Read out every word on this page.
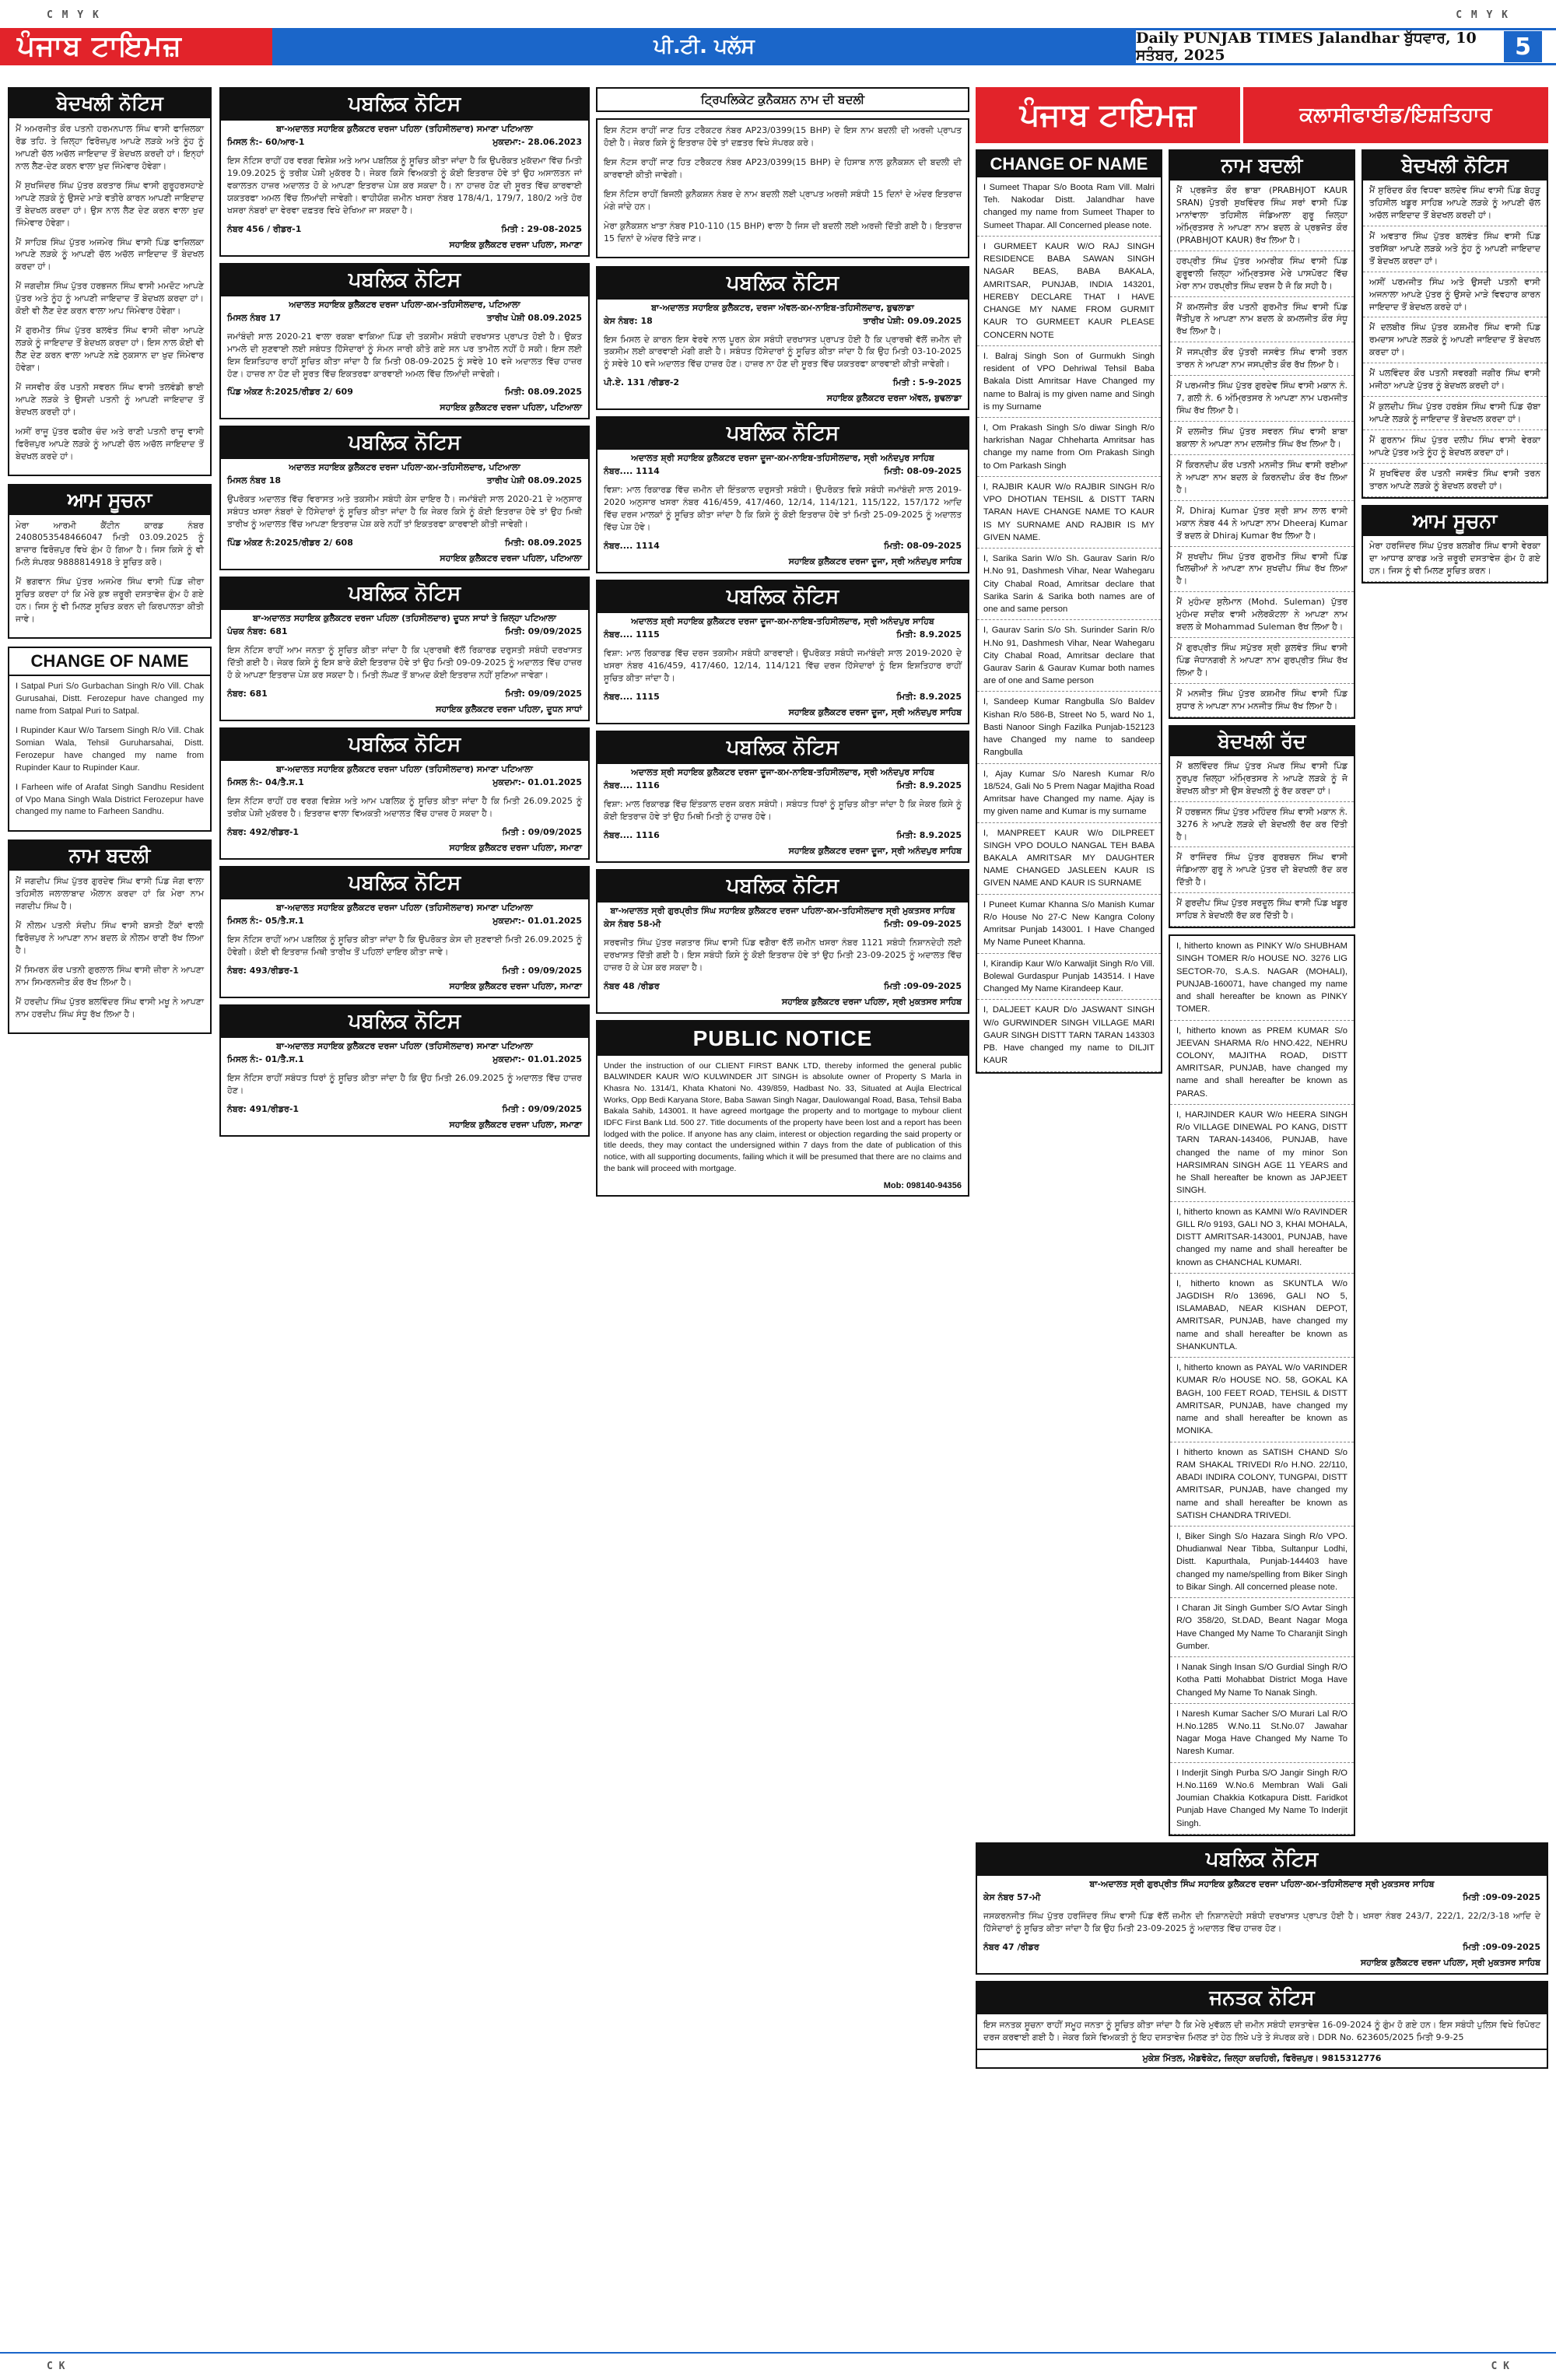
C M Y K	C M Y K
ਪੰਜਾਬ ਟਾਇਮਜ਼	ਪੀ.ਟੀ. ਪਲੱਸ	Daily PUNJAB TIMES Jalandhar ਬੁੱਧਵਾਰ, 10 ਸਤੰਬਰ, 2025	5
ਬੇਦਖਲੀ ਨੋਟਿਸ

ਮੈਂ ਅਮਰਜੀਤ ਕੌਰ ਪਤਨੀ ਹਰਮਨਪਾਲ ਸਿੰਘ ਵਾਸੀ ਫਾਜ਼ਿਲਕਾ ਰੋਡ ਤਹਿ. ਤੇ ਜ਼ਿਲ੍ਹਾ ਫਿਰੋਜ਼ਪੁਰ ਆਪਣੇ ਲੜਕੇ ਅਤੇ ਨੂੰਹ ਨੂੰ ਆਪਣੀ ਚੱਲ ਅਚੱਲ ਜਾਇਦਾਦ ਤੋਂ ਬੇਦਖਲ ਕਰਦੀ ਹਾਂ। ਇਨ੍ਹਾਂ ਨਾਲ ਲੈਣ-ਦੇਣ ਕਰਨ ਵਾਲਾ ਖੁਦ ਜਿੰਮੇਵਾਰ ਹੋਵੇਗਾ।

ਮੈਂ ਸੁਖਜਿੰਦਰ ਸਿੰਘ ਪੁੱਤਰ ਕਰਤਾਰ ਸਿੰਘ ਵਾਸੀ ਗੁਰੂਹਰਸਹਾਏ ਆਪਣੇ ਲੜਕੇ ਨੂੰ ਉਸਦੇ ਮਾੜੇ ਵਤੀਰੇ ਕਾਰਨ ਆਪਣੀ ਜਾਇਦਾਦ ਤੋਂ ਬੇਦਖਲ ਕਰਦਾ ਹਾਂ। ਉਸ ਨਾਲ ਲੈਣ ਦੇਣ ਕਰਨ ਵਾਲਾ ਖੁਦ ਜਿੰਮੇਵਾਰ ਹੋਵੇਗਾ।

ਮੈਂ ਸਾਹਿਬ ਸਿੰਘ ਪੁੱਤਰ ਅਜਮੇਰ ਸਿੰਘ ਵਾਸੀ ਪਿੰਡ ਫਾਜ਼ਿਲਕਾ ਆਪਣੇ ਲੜਕੇ ਨੂੰ ਆਪਣੀ ਚੱਲ ਅਚੱਲ ਜਾਇਦਾਦ ਤੋਂ ਬੇਦਖਲ ਕਰਦਾ ਹਾਂ।

ਮੈਂ ਜਗਦੀਸ਼ ਸਿੰਘ ਪੁੱਤਰ ਹਰਭਜਨ ਸਿੰਘ ਵਾਸੀ ਮਮਦੋਟ ਆਪਣੇ ਪੁੱਤਰ ਅਤੇ ਨੂੰਹ ਨੂੰ ਆਪਣੀ ਜਾਇਦਾਦ ਤੋਂ ਬੇਦਖਲ ਕਰਦਾ ਹਾਂ। ਕੋਈ ਵੀ ਲੈਣ ਦੇਣ ਕਰਨ ਵਾਲਾ ਆਪ ਜਿੰਮੇਵਾਰ ਹੋਵੇਗਾ।

ਮੈਂ ਗੁਰਮੀਤ ਸਿੰਘ ਪੁੱਤਰ ਬਲਵੰਤ ਸਿੰਘ ਵਾਸੀ ਜ਼ੀਰਾ ਆਪਣੇ ਲੜਕੇ ਨੂੰ ਜਾਇਦਾਦ ਤੋਂ ਬੇਦਖਲ ਕਰਦਾ ਹਾਂ। ਇਸ ਨਾਲ ਕੋਈ ਵੀ ਲੈਣ ਦੇਣ ਕਰਨ ਵਾਲਾ ਆਪਣੇ ਨਫ਼ੇ ਨੁਕਸਾਨ ਦਾ ਖੁਦ ਜਿੰਮੇਵਾਰ ਹੋਵੇਗਾ।

ਮੈਂ ਜਸਵੀਰ ਕੌਰ ਪਤਨੀ ਸਵਰਨ ਸਿੰਘ ਵਾਸੀ ਤਲਵੰਡੀ ਭਾਈ ਆਪਣੇ ਲੜਕੇ ਤੇ ਉਸਦੀ ਪਤਨੀ ਨੂੰ ਆਪਣੀ ਜਾਇਦਾਦ ਤੋਂ ਬੇਦਖਲ ਕਰਦੀ ਹਾਂ।

ਅਸੀਂ ਰਾਜੂ ਪੁੱਤਰ ਫਕੀਰ ਚੰਦ ਅਤੇ ਰਾਣੀ ਪਤਨੀ ਰਾਜੂ ਵਾਸੀ ਫਿਰੋਜ਼ਪੁਰ ਆਪਣੇ ਲੜਕੇ ਨੂੰ ਆਪਣੀ ਚੱਲ ਅਚੱਲ ਜਾਇਦਾਦ ਤੋਂ ਬੇਦਖਲ ਕਰਦੇ ਹਾਂ।

ਆਮ ਸੂਚਨਾ

ਮੇਰਾ ਆਰਮੀ ਕੈਂਟੀਨ ਕਾਰਡ ਨੰਬਰ 2408053548466047 ਮਿਤੀ 03.09.2025 ਨੂੰ ਬਾਜ਼ਾਰ ਫਿਰੋਜ਼ਪੁਰ ਵਿਖੇ ਗੁੰਮ ਹੋ ਗਿਆ ਹੈ। ਜਿਸ ਕਿਸੇ ਨੂੰ ਵੀ ਮਿਲੇ ਸੰਪਰਕ 9888814918 ਤੇ ਸੂਚਿਤ ਕਰੋ।

ਮੈਂ ਭਗਵਾਨ ਸਿੰਘ ਪੁੱਤਰ ਅਜਮੇਰ ਸਿੰਘ ਵਾਸੀ ਪਿੰਡ ਜ਼ੀਰਾ ਸੂਚਿਤ ਕਰਦਾ ਹਾਂ ਕਿ ਮੇਰੇ ਕੁਝ ਜ਼ਰੂਰੀ ਦਸਤਾਵੇਜ਼ ਗੁੰਮ ਹੋ ਗਏ ਹਨ। ਜਿਸ ਨੂੰ ਵੀ ਮਿਲਣ ਸੂਚਿਤ ਕਰਨ ਦੀ ਕਿਰਪਾਲਤਾ ਕੀਤੀ ਜਾਵੇ।

CHANGE OF NAME

I Satpal Puri S/o Gurbachan Singh R/o Vill. Chak Gurusahai, Distt. Ferozepur have changed my name from Satpal Puri to Satpal.

I Rupinder Kaur W/o Tarsem Singh R/o Vill. Chak Somian Wala, Tehsil Guruharsahai, Distt. Ferozepur have changed my name from Rupinder Kaur to Rupinder Kaur.

I Farheen wife of Arafat Singh Sandhu Resident of Vpo Mana Singh Wala District Ferozepur have changed my name to Farheen Sandhu.

ਨਾਮ ਬਦਲੀ

ਮੈਂ ਜਗਦੀਪ ਸਿੰਘ ਪੁੱਤਰ ਗੁਰਦੇਵ ਸਿੰਘ ਵਾਸੀ ਪਿੰਡ ਜੋਗ ਵਾਲਾ ਤਹਿਸੀਲ ਜਲਾਲਾਬਾਦ ਐਲਾਨ ਕਰਦਾ ਹਾਂ ਕਿ ਮੇਰਾ ਨਾਮ ਜਗਦੀਪ ਸਿੰਘ ਹੈ।

ਮੈਂ ਨੀਲਮ ਪਤਨੀ ਸੰਦੀਪ ਸਿੰਘ ਵਾਸੀ ਬਸਤੀ ਟੈਂਕਾਂ ਵਾਲੀ ਫਿਰੋਜ਼ਪੁਰ ਨੇ ਆਪਣਾ ਨਾਮ ਬਦਲ ਕੇ ਨੀਲਮ ਰਾਣੀ ਰੱਖ ਲਿਆ ਹੈ।

ਮੈਂ ਸਿਮਰਨ ਕੌਰ ਪਤਨੀ ਗੁਰਲਾਲ ਸਿੰਘ ਵਾਸੀ ਜ਼ੀਰਾ ਨੇ ਆਪਣਾ ਨਾਮ ਸਿਮਰਨਜੀਤ ਕੌਰ ਰੱਖ ਲਿਆ ਹੈ।

ਮੈਂ ਹਰਦੀਪ ਸਿੰਘ ਪੁੱਤਰ ਬਲਵਿੰਦਰ ਸਿੰਘ ਵਾਸੀ ਮਖੂ ਨੇ ਆਪਣਾ ਨਾਮ ਹਰਦੀਪ ਸਿੰਘ ਸੰਧੂ ਰੱਖ ਲਿਆ ਹੈ।

ਪਬਲਿਕ ਨੋਟਿਸ
ਬਾ-ਅਦਾਲਤ ਸਹਾਇਕ ਕੁਲੈਕਟਰ ਦਰਜਾ ਪਹਿਲਾ (ਤਹਿਸੀਲਦਾਰ) ਸਮਾਣਾ ਪਟਿਆਲਾ
ਮਿਸਲ ਨੰ:- 60/ਆਰ-1	ਮੁਕਦਮਾ:- 28.06.2023
ਇਸ ਨੋਟਿਸ ਰਾਹੀਂ ਹਰ ਵਰਗ ਵਿਸ਼ੇਸ਼ ਅਤੇ ਆਮ ਪਬਲਿਕ ਨੂੰ ਸੂਚਿਤ ਕੀਤਾ ਜਾਂਦਾ ਹੈ ਕਿ ਉਪਰੋਕਤ ਮੁਕੱਦਮਾ ਵਿੱਚ ਮਿਤੀ 19.09.2025 ਨੂੰ ਤਰੀਕ ਪੇਸ਼ੀ ਮੁਕੱਰਰ ਹੈ। ਜੇਕਰ ਕਿਸੇ ਵਿਅਕਤੀ ਨੂੰ ਕੋਈ ਇਤਰਾਜ਼ ਹੋਵੇ ਤਾਂ ਉਹ ਅਸਾਲਤਨ ਜਾਂ ਵਕਾਲਤਨ ਹਾਜ਼ਰ ਅਦਾਲਤ ਹੋ ਕੇ ਆਪਣਾ ਇਤਰਾਜ਼ ਪੇਸ਼ ਕਰ ਸਕਦਾ ਹੈ। ਨਾ ਹਾਜ਼ਰ ਹੋਣ ਦੀ ਸੂਰਤ ਵਿੱਚ ਕਾਰਵਾਈ ਯਕਤਰਫਾ ਅਮਲ ਵਿੱਚ ਲਿਆਂਦੀ ਜਾਵੇਗੀ। ਵਾਹੀਯੋਗ ਜ਼ਮੀਨ ਖਸਰਾ ਨੰਬਰ 178/4/1, 179/7, 180/2 ਅਤੇ ਹੋਰ ਖਸਰਾ ਨੰਬਰਾਂ ਦਾ ਵੇਰਵਾ ਦਫ਼ਤਰ ਵਿਖੇ ਦੇਖਿਆ ਜਾ ਸਕਦਾ ਹੈ।
ਨੰਬਰ 456 / ਰੀਡਰ-1	ਮਿਤੀ : 29-08-2025
ਸਹਾਇਕ ਕੁਲੈਕਟਰ ਦਰਜਾ ਪਹਿਲਾ, ਸਮਾਣਾ
ਪਬਲਿਕ ਨੋਟਿਸ
ਅਦਾਲਤ ਸਹਾਇਕ ਕੁਲੈਕਟਰ ਦਰਜਾ ਪਹਿਲਾ-ਕਮ-ਤਹਿਸੀਲਦਾਰ, ਪਟਿਆਲਾ
ਮਿਸਲ ਨੰਬਰ 17	ਤਾਰੀਖ ਪੇਸ਼ੀ 08.09.2025
ਜਮਾਂਬੰਦੀ ਸਾਲ 2020-21 ਵਾਲਾ ਰਕਬਾ ਵਾਕਿਆ ਪਿੰਡ ਦੀ ਤਕਸੀਮ ਸਬੰਧੀ ਦਰਖਾਸਤ ਪ੍ਰਾਪਤ ਹੋਈ ਹੈ। ਉਕਤ ਮਾਮਲੇ ਦੀ ਸੁਣਵਾਈ ਲਈ ਸਬੰਧਤ ਹਿੱਸੇਦਾਰਾਂ ਨੂੰ ਸੰਮਨ ਜਾਰੀ ਕੀਤੇ ਗਏ ਸਨ ਪਰ ਤਾਮੀਲ ਨਹੀਂ ਹੋ ਸਕੀ। ਇਸ ਲਈ ਇਸ ਇਸ਼ਤਿਹਾਰ ਰਾਹੀਂ ਸੂਚਿਤ ਕੀਤਾ ਜਾਂਦਾ ਹੈ ਕਿ ਮਿਤੀ 08-09-2025 ਨੂੰ ਸਵੇਰੇ 10 ਵਜੇ ਅਦਾਲਤ ਵਿੱਚ ਹਾਜ਼ਰ ਹੋਣ। ਹਾਜ਼ਰ ਨਾ ਹੋਣ ਦੀ ਸੂਰਤ ਵਿੱਚ ਇਕਤਰਫਾ ਕਾਰਵਾਈ ਅਮਲ ਵਿੱਚ ਲਿਆਂਦੀ ਜਾਵੇਗੀ।
ਪਿੰਡ ਅੰਕਣ ਨੰ:2025/ਰੀਡਰ 2/ 609	ਮਿਤੀ: 08.09.2025
ਸਹਾਇਕ ਕੁਲੈਕਟਰ ਦਰਜਾ ਪਹਿਲਾ, ਪਟਿਆਲਾ
ਪਬਲਿਕ ਨੋਟਿਸ
ਅਦਾਲਤ ਸਹਾਇਕ ਕੁਲੈਕਟਰ ਦਰਜਾ ਪਹਿਲਾ-ਕਮ-ਤਹਿਸੀਲਦਾਰ, ਪਟਿਆਲਾ
ਮਿਸਲ ਨੰਬਰ 18	ਤਾਰੀਖ ਪੇਸ਼ੀ 08.09.2025
ਉਪਰੋਕਤ ਅਦਾਲਤ ਵਿੱਚ ਵਿਰਾਸਤ ਅਤੇ ਤਕਸੀਮ ਸਬੰਧੀ ਕੇਸ ਦਾਇਰ ਹੈ। ਜਮਾਂਬੰਦੀ ਸਾਲ 2020-21 ਦੇ ਅਨੁਸਾਰ ਸਬੰਧਤ ਖਸਰਾ ਨੰਬਰਾਂ ਦੇ ਹਿੱਸੇਦਾਰਾਂ ਨੂੰ ਸੂਚਿਤ ਕੀਤਾ ਜਾਂਦਾ ਹੈ ਕਿ ਜੇਕਰ ਕਿਸੇ ਨੂੰ ਕੋਈ ਇਤਰਾਜ਼ ਹੋਵੇ ਤਾਂ ਉਹ ਮਿਥੀ ਤਾਰੀਖ ਨੂੰ ਅਦਾਲਤ ਵਿੱਚ ਆਪਣਾ ਇਤਰਾਜ਼ ਪੇਸ਼ ਕਰੇ ਨਹੀਂ ਤਾਂ ਇਕਤਰਫਾ ਕਾਰਵਾਈ ਕੀਤੀ ਜਾਵੇਗੀ।
ਪਿੰਡ ਅੰਕਣ ਨੰ:2025/ਰੀਡਰ 2/ 608	ਮਿਤੀ: 08.09.2025
ਸਹਾਇਕ ਕੁਲੈਕਟਰ ਦਰਜਾ ਪਹਿਲਾ, ਪਟਿਆਲਾ
ਪਬਲਿਕ ਨੋਟਿਸ
ਬਾ-ਅਦਾਲਤ ਸਹਾਇਕ ਕੁਲੈਕਟਰ ਦਰਜਾ ਪਹਿਲਾ (ਤਹਿਸੀਲਦਾਰ) ਦੂਧਨ ਸਾਧਾਂ ਤੇ ਜ਼ਿਲ੍ਹਾ ਪਟਿਆਲਾ
ਪੰਚਕ ਨੰਬਰ: 681	ਮਿਤੀ: 09/09/2025
ਇਸ ਨੋਟਿਸ ਰਾਹੀਂ ਆਮ ਜਨਤਾ ਨੂੰ ਸੂਚਿਤ ਕੀਤਾ ਜਾਂਦਾ ਹੈ ਕਿ ਪ੍ਰਾਰਥੀ ਵੱਲੋਂ ਰਿਕਾਰਡ ਦਰੁਸਤੀ ਸਬੰਧੀ ਦਰਖਾਸਤ ਦਿੱਤੀ ਗਈ ਹੈ। ਜੇਕਰ ਕਿਸੇ ਨੂੰ ਇਸ ਬਾਰੇ ਕੋਈ ਇਤਰਾਜ਼ ਹੋਵੇ ਤਾਂ ਉਹ ਮਿਤੀ 09-09-2025 ਨੂੰ ਅਦਾਲਤ ਵਿੱਚ ਹਾਜ਼ਰ ਹੋ ਕੇ ਆਪਣਾ ਇਤਰਾਜ਼ ਪੇਸ਼ ਕਰ ਸਕਦਾ ਹੈ। ਮਿਤੀ ਲੰਘਣ ਤੋਂ ਬਾਅਦ ਕੋਈ ਇਤਰਾਜ਼ ਨਹੀਂ ਸੁਣਿਆ ਜਾਵੇਗਾ।
ਨੰਬਰ: 681	ਮਿਤੀ: 09/09/2025
ਸਹਾਇਕ ਕੁਲੈਕਟਰ ਦਰਜਾ ਪਹਿਲਾ, ਦੂਧਨ ਸਾਧਾਂ
ਪਬਲਿਕ ਨੋਟਿਸ
ਬਾ-ਅਦਾਲਤ ਸਹਾਇਕ ਕੁਲੈਕਟਰ ਦਰਜਾ ਪਹਿਲਾ (ਤਹਿਸੀਲਦਾਰ) ਸਮਾਣਾ ਪਟਿਆਲਾ
ਮਿਸਲ ਨੰ:- 04/ਤੈ.ਸ.1	ਮੁਕਦਮਾ:- 01.01.2025
ਇਸ ਨੋਟਿਸ ਰਾਹੀਂ ਹਰ ਵਰਗ ਵਿਸ਼ੇਸ਼ ਅਤੇ ਆਮ ਪਬਲਿਕ ਨੂੰ ਸੂਚਿਤ ਕੀਤਾ ਜਾਂਦਾ ਹੈ ਕਿ ਮਿਤੀ 26.09.2025 ਨੂੰ ਤਰੀਕ ਪੇਸ਼ੀ ਮੁਕੱਰਰ ਹੈ। ਇਤਰਾਜ਼ ਵਾਲਾ ਵਿਅਕਤੀ ਅਦਾਲਤ ਵਿੱਚ ਹਾਜ਼ਰ ਹੋ ਸਕਦਾ ਹੈ।
ਨੰਬਰ: 492/ਰੀਡਰ-1	ਮਿਤੀ : 09/09/2025
ਸਹਾਇਕ ਕੁਲੈਕਟਰ ਦਰਜਾ ਪਹਿਲਾ, ਸਮਾਣਾ
ਪਬਲਿਕ ਨੋਟਿਸ
ਬਾ-ਅਦਾਲਤ ਸਹਾਇਕ ਕੁਲੈਕਟਰ ਦਰਜਾ ਪਹਿਲਾ (ਤਹਿਸੀਲਦਾਰ) ਸਮਾਣਾ ਪਟਿਆਲਾ
ਮਿਸਲ ਨੰ:- 05/ਤੈ.ਸ.1	ਮੁਕਦਮਾ:- 01.01.2025
ਇਸ ਨੋਟਿਸ ਰਾਹੀਂ ਆਮ ਪਬਲਿਕ ਨੂੰ ਸੂਚਿਤ ਕੀਤਾ ਜਾਂਦਾ ਹੈ ਕਿ ਉਪਰੋਕਤ ਕੇਸ ਦੀ ਸੁਣਵਾਈ ਮਿਤੀ 26.09.2025 ਨੂੰ ਹੋਵੇਗੀ। ਕੋਈ ਵੀ ਇਤਰਾਜ਼ ਮਿਥੀ ਤਾਰੀਖ ਤੋਂ ਪਹਿਲਾਂ ਦਾਇਰ ਕੀਤਾ ਜਾਵੇ।
ਨੰਬਰ: 493/ਰੀਡਰ-1	ਮਿਤੀ : 09/09/2025
ਸਹਾਇਕ ਕੁਲੈਕਟਰ ਦਰਜਾ ਪਹਿਲਾ, ਸਮਾਣਾ
ਪਬਲਿਕ ਨੋਟਿਸ
ਬਾ-ਅਦਾਲਤ ਸਹਾਇਕ ਕੁਲੈਕਟਰ ਦਰਜਾ ਪਹਿਲਾ (ਤਹਿਸੀਲਦਾਰ) ਸਮਾਣਾ ਪਟਿਆਲਾ
ਮਿਸਲ ਨੰ:- 01/ਤੈ.ਸ.1	ਮੁਕਦਮਾ:- 01.01.2025
ਇਸ ਨੋਟਿਸ ਰਾਹੀਂ ਸਬੰਧਤ ਧਿਰਾਂ ਨੂੰ ਸੂਚਿਤ ਕੀਤਾ ਜਾਂਦਾ ਹੈ ਕਿ ਉਹ ਮਿਤੀ 26.09.2025 ਨੂੰ ਅਦਾਲਤ ਵਿੱਚ ਹਾਜ਼ਰ ਹੋਣ।
ਨੰਬਰ: 491/ਰੀਡਰ-1	ਮਿਤੀ : 09/09/2025
ਸਹਾਇਕ ਕੁਲੈਕਟਰ ਦਰਜਾ ਪਹਿਲਾ, ਸਮਾਣਾ
ਟ੍ਰਿਪਲਿਕੇਟ ਕੁਨੈਕਸ਼ਨ ਨਾਮ ਦੀ ਬਦਲੀ

ਇਸ ਨੋਟਸ ਰਾਹੀਂ ਜਾਣ ਹਿਤ ਟਰੈਕਟਰ ਨੰਬਰ AP23/0399(15 BHP) ਦੇ ਇਸ ਨਾਮ ਬਦਲੀ ਦੀ ਅਰਜ਼ੀ ਪ੍ਰਾਪਤ ਹੋਈ ਹੈ। ਜੇਕਰ ਕਿਸੇ ਨੂੰ ਇਤਰਾਜ਼ ਹੋਵੇ ਤਾਂ ਦਫ਼ਤਰ ਵਿਖੇ ਸੰਪਰਕ ਕਰੇ।

ਇਸ ਨੋਟਸ ਰਾਹੀਂ ਜਾਣ ਹਿਤ ਟਰੈਕਟਰ ਨੰਬਰ AP23/0399(15 BHP) ਦੇ ਹਿਸਾਬ ਨਾਲ ਕੁਨੈਕਸ਼ਨ ਦੀ ਬਦਲੀ ਦੀ ਕਾਰਵਾਈ ਕੀਤੀ ਜਾਵੇਗੀ।

ਇਸ ਨੋਟਿਸ ਰਾਹੀਂ ਬਿਜਲੀ ਕੁਨੈਕਸ਼ਨ ਨੰਬਰ ਦੇ ਨਾਮ ਬਦਲੀ ਲਈ ਪ੍ਰਾਪਤ ਅਰਜ਼ੀ ਸਬੰਧੀ 15 ਦਿਨਾਂ ਦੇ ਅੰਦਰ ਇਤਰਾਜ਼ ਮੰਗੇ ਜਾਂਦੇ ਹਨ।

ਮੇਰਾ ਕੁਨੈਕਸ਼ਨ ਖਾਤਾ ਨੰਬਰ P10-110 (15 BHP) ਵਾਲਾ ਹੈ ਜਿਸ ਦੀ ਬਦਲੀ ਲਈ ਅਰਜ਼ੀ ਦਿੱਤੀ ਗਈ ਹੈ। ਇਤਰਾਜ਼ 15 ਦਿਨਾਂ ਦੇ ਅੰਦਰ ਦਿੱਤੇ ਜਾਣ।

ਪਬਲਿਕ ਨੋਟਿਸ
ਬਾ-ਅਦਾਲਤ ਸਹਾਇਕ ਕੁਲੈਕਟਰ, ਦਰਜਾ ਅੱਵਲ-ਕਮ-ਨਾਇਬ-ਤਹਿਸੀਲਦਾਰ, ਬੁਢਲਾਡਾ
ਕੇਸ ਨੰਬਰ: 18	ਤਾਰੀਖ ਪੇਸ਼ੀ: 09.09.2025
ਇਸ ਮਿਸਲ ਦੇ ਕਾਰਨ ਇਸ ਵੇਰਵੇ ਨਾਲ ਪੂਰਨ ਕੇਸ ਸਬੰਧੀ ਦਰਖਾਸਤ ਪ੍ਰਾਪਤ ਹੋਈ ਹੈ ਕਿ ਪ੍ਰਾਰਥੀ ਵੱਲੋਂ ਜ਼ਮੀਨ ਦੀ ਤਕਸੀਮ ਲਈ ਕਾਰਵਾਈ ਮੰਗੀ ਗਈ ਹੈ। ਸਬੰਧਤ ਹਿੱਸੇਦਾਰਾਂ ਨੂੰ ਸੂਚਿਤ ਕੀਤਾ ਜਾਂਦਾ ਹੈ ਕਿ ਉਹ ਮਿਤੀ 03-10-2025 ਨੂੰ ਸਵੇਰੇ 10 ਵਜੇ ਅਦਾਲਤ ਵਿੱਚ ਹਾਜ਼ਰ ਹੋਣ। ਹਾਜ਼ਰ ਨਾ ਹੋਣ ਦੀ ਸੂਰਤ ਵਿੱਚ ਯਕਤਰਫਾ ਕਾਰਵਾਈ ਕੀਤੀ ਜਾਵੇਗੀ।
ਪੀ.ਏ. 131 /ਰੀਡਰ-2	ਮਿਤੀ : 5-9-2025
ਸਹਾਇਕ ਕੁਲੈਕਟਰ ਦਰਜਾ ਅੱਵਲ, ਬੁਢਲਾਡਾ
ਪਬਲਿਕ ਨੋਟਿਸ
ਅਦਾਲਤ ਸ਼੍ਰੀ ਸਹਾਇਕ ਕੁਲੈਕਟਰ ਦਰਜਾ ਦੂਜਾ-ਕਮ-ਨਾਇਬ-ਤਹਿਸੀਲਦਾਰ, ਸ੍ਰੀ ਅਨੰਦਪੁਰ ਸਾਹਿਬ
ਨੰਬਰ.... 1114	ਮਿਤੀ: 08-09-2025
ਵਿਸ਼ਾ: ਮਾਲ ਰਿਕਾਰਡ ਵਿੱਚ ਜ਼ਮੀਨ ਦੀ ਇੰਤਕਾਲ ਦਰੁਸਤੀ ਸਬੰਧੀ। ਉਪਰੋਕਤ ਵਿਸ਼ੇ ਸਬੰਧੀ ਜਮਾਂਬੰਦੀ ਸਾਲ 2019-2020 ਅਨੁਸਾਰ ਖਸਰਾ ਨੰਬਰ 416/459, 417/460, 12/14, 114/121, 115/122, 157/172 ਆਦਿ ਵਿੱਚ ਦਰਜ ਮਾਲਕਾਂ ਨੂੰ ਸੂਚਿਤ ਕੀਤਾ ਜਾਂਦਾ ਹੈ ਕਿ ਕਿਸੇ ਨੂੰ ਕੋਈ ਇਤਰਾਜ਼ ਹੋਵੇ ਤਾਂ ਮਿਤੀ 25-09-2025 ਨੂੰ ਅਦਾਲਤ ਵਿੱਚ ਪੇਸ਼ ਹੋਵੇ।
ਨੰਬਰ.... 1114	ਮਿਤੀ: 08-09-2025
ਸਹਾਇਕ ਕੁਲੈਕਟਰ ਦਰਜਾ ਦੂਜਾ, ਸ੍ਰੀ ਅਨੰਦਪੁਰ ਸਾਹਿਬ
ਪਬਲਿਕ ਨੋਟਿਸ
ਅਦਾਲਤ ਸ਼੍ਰੀ ਸਹਾਇਕ ਕੁਲੈਕਟਰ ਦਰਜਾ ਦੂਜਾ-ਕਮ-ਨਾਇਬ-ਤਹਿਸੀਲਦਾਰ, ਸ੍ਰੀ ਅਨੰਦਪੁਰ ਸਾਹਿਬ
ਨੰਬਰ.... 1115	ਮਿਤੀ: 8.9.2025
ਵਿਸ਼ਾ: ਮਾਲ ਰਿਕਾਰਡ ਵਿੱਚ ਦਰਜ ਤਕਸੀਮ ਸਬੰਧੀ ਕਾਰਵਾਈ। ਉਪਰੋਕਤ ਸਬੰਧੀ ਜਮਾਂਬੰਦੀ ਸਾਲ 2019-2020 ਦੇ ਖਸਰਾ ਨੰਬਰ 416/459, 417/460, 12/14, 114/121 ਵਿੱਚ ਦਰਜ ਹਿੱਸੇਦਾਰਾਂ ਨੂੰ ਇਸ ਇਸ਼ਤਿਹਾਰ ਰਾਹੀਂ ਸੂਚਿਤ ਕੀਤਾ ਜਾਂਦਾ ਹੈ।
ਨੰਬਰ.... 1115	ਮਿਤੀ: 8.9.2025
ਸਹਾਇਕ ਕੁਲੈਕਟਰ ਦਰਜਾ ਦੂਜਾ, ਸ੍ਰੀ ਅਨੰਦਪੁਰ ਸਾਹਿਬ
ਪਬਲਿਕ ਨੋਟਿਸ
ਅਦਾਲਤ ਸ਼੍ਰੀ ਸਹਾਇਕ ਕੁਲੈਕਟਰ ਦਰਜਾ ਦੂਜਾ-ਕਮ-ਨਾਇਬ-ਤਹਿਸੀਲਦਾਰ, ਸ੍ਰੀ ਅਨੰਦਪੁਰ ਸਾਹਿਬ
ਨੰਬਰ.... 1116	ਮਿਤੀ: 8.9.2025
ਵਿਸ਼ਾ: ਮਾਲ ਰਿਕਾਰਡ ਵਿੱਚ ਇੰਤਕਾਲ ਦਰਜ ਕਰਨ ਸਬੰਧੀ। ਸਬੰਧਤ ਧਿਰਾਂ ਨੂੰ ਸੂਚਿਤ ਕੀਤਾ ਜਾਂਦਾ ਹੈ ਕਿ ਜੇਕਰ ਕਿਸੇ ਨੂੰ ਕੋਈ ਇਤਰਾਜ਼ ਹੋਵੇ ਤਾਂ ਉਹ ਮਿਥੀ ਮਿਤੀ ਨੂੰ ਹਾਜ਼ਰ ਹੋਵੇ।
ਨੰਬਰ.... 1116	ਮਿਤੀ: 8.9.2025
ਸਹਾਇਕ ਕੁਲੈਕਟਰ ਦਰਜਾ ਦੂਜਾ, ਸ੍ਰੀ ਅਨੰਦਪੁਰ ਸਾਹਿਬ
ਪਬਲਿਕ ਨੋਟਿਸ
ਬਾ-ਅਦਾਲਤ ਸ੍ਰੀ ਗੁਰਪ੍ਰੀਤ ਸਿੰਘ ਸਹਾਇਕ ਕੁਲੈਕਟਰ ਦਰਜਾ ਪਹਿਲਾ-ਕਮ-ਤਹਿਸੀਲਦਾਰ ਸ੍ਰੀ ਮੁਕਤਸਰ ਸਾਹਿਬ
ਕੇਸ ਨੰਬਰ 58-ਮੀ	ਮਿਤੀ: 09-09-2025
ਸਰਵਜੀਤ ਸਿੰਘ ਪੁੱਤਰ ਜਗਤਾਰ ਸਿੰਘ ਵਾਸੀ ਪਿੰਡ ਵਗੈਰਾ ਵੱਲੋਂ ਜ਼ਮੀਨ ਖਸਰਾ ਨੰਬਰ 1121 ਸਬੰਧੀ ਨਿਸ਼ਾਨਦੇਹੀ ਲਈ ਦਰਖਾਸਤ ਦਿੱਤੀ ਗਈ ਹੈ। ਇਸ ਸਬੰਧੀ ਕਿਸੇ ਨੂੰ ਕੋਈ ਇਤਰਾਜ਼ ਹੋਵੇ ਤਾਂ ਉਹ ਮਿਤੀ 23-09-2025 ਨੂੰ ਅਦਾਲਤ ਵਿੱਚ ਹਾਜ਼ਰ ਹੋ ਕੇ ਪੇਸ਼ ਕਰ ਸਕਦਾ ਹੈ।
ਨੰਬਰ 48 /ਰੀਡਰ	ਮਿਤੀ :09-09-2025
ਸਹਾਇਕ ਕੁਲੈਕਟਰ ਦਰਜਾ ਪਹਿਲਾ, ਸ੍ਰੀ ਮੁਕਤਸਰ ਸਾਹਿਬ
PUBLIC NOTICE
Under the instruction of our CLIENT FIRST BANK LTD, thereby informed the general public BALWINDER KAUR W/O KULWINDER JIT SINGH is absolute owner of Property S Marla in Khasra No. 1314/1, Khata Khatoni No. 439/859, Hadbast No. 33, Situated at Aujla Electrical Works, Opp Bedi Karyana Store, Baba Sawan Singh Nagar, Daulowangal Road, Basa, Tehsil Baba Bakala Sahib, 143001. It have agreed mortgage the property and to mortgage to mybour client IDFC First Bank Ltd. 500 27. Title documents of the property have been lost and a report has been lodged with the police. If anyone has any claim, interest or objection regarding the said property or title deeds, they may contact the undersigned within 7 days from the date of publication of this notice, with all supporting documents, failing which it will be presumed that there are no claims and the bank will proceed with mortgage.
Mob: 098140-94356
ਪੰਜਾਬ ਟਾਇਮਜ਼	ਕਲਾਸੀਫਾਈਡ/ਇਸ਼ਤਿਹਾਰ
CHANGE OF NAME
I Sumeet Thapar S/o Boota Ram Vill. Malri Teh. Nakodar Distt. Jalandhar have changed my name from Sumeet Thaper to Sumeet Thapar. All Concerned please note.
I GURMEET KAUR W/O RAJ SINGH RESIDENCE BABA SAWAN SINGH NAGAR BEAS, BABA BAKALA, AMRITSAR, PUNJAB, INDIA 143201, HEREBY DECLARE THAT I HAVE CHANGE MY NAME FROM GURMIT KAUR TO GURMEET KAUR PLEASE CONCERN NOTE
I. Balraj Singh Son of Gurmukh Singh resident of VPO Dehriwal Tehsil Baba Bakala Distt Amritsar Have Changed my name to Balraj is my given name and Singh is my Surname
I, Om Prakash Singh S/o diwar Singh R/o harkrishan Nagar Chheharta Amritsar has change my name from Om Prakash Singh to Om Parkash Singh
I, RAJBIR KAUR W/o RAJBIR SINGH R/o VPO DHOTIAN TEHSIL & DISTT TARN TARAN HAVE CHANGE NAME TO KAUR IS MY SURNAME AND RAJBIR IS MY GIVEN NAME.
I, Sarika Sarin W/o Sh. Gaurav Sarin R/o H.No 91, Dashmesh Vihar, Near Wahegaru City Chabal Road, Amritsar declare that Sarika Sarin & Sarika both names are of one and same person
I, Gaurav Sarin S/o Sh. Surinder Sarin R/o H.No 91, Dashmesh Vihar, Near Wahegaru City Chabal Road, Amritsar declare that Gaurav Sarin & Gaurav Kumar both names are of one and Same person
I, Sandeep Kumar Rangbulla S/o Baldev Kishan R/o 586-B, Street No 5, ward No 1, Basti Nanoor Singh Fazilka Punjab-152123 have Changed my name to sandeep Rangbulla
I, Ajay Kumar S/o Naresh Kumar R/o 18/524, Gali No 5 Prem Nagar Majitha Road Amritsar have Changed my name. Ajay is my given name and Kumar is my surname
I, MANPREET KAUR W/o DILPREET SINGH VPO DOULO NANGAL TEH BABA BAKALA AMRITSAR MY DAUGHTER NAME CHANGED JASLEEN KAUR IS GIVEN NAME AND KAUR IS SURNAME
I Puneet Kumar Khanna S/o Manish Kumar R/o House No 27-C New Kangra Colony Amritsar Punjab 143001. I Have Changed My Name Puneet Khanna.
I, Kirandip Kaur W/o Karwaljit Singh R/o Vill. Bolewal Gurdaspur Punjab 143514. I Have Changed My Name Kirandeep Kaur.
I, DALJEET KAUR D/o JASWANT SINGH W/o GURWINDER SINGH VILLAGE MARI GAUR SINGH DISTT TARN TARAN 143303 PB. Have changed my name to DILJIT KAUR
ਨਾਮ ਬਦਲੀ
ਮੈਂ ਪ੍ਰਭਜੋਤ ਕੌਰ ਭਾਬਾ (PRABHJOT KAUR SRAN) ਪੁੱਤਰੀ ਸੁਖਵਿੰਦਰ ਸਿੰਘ ਸਰਾਂ ਵਾਸੀ ਪਿੰਡ ਮਾਨਾਂਵਾਲਾ ਤਹਿਸੀਲ ਜੰਡਿਆਲਾ ਗੁਰੂ ਜ਼ਿਲ੍ਹਾ ਅੰਮ੍ਰਿਤਸਰ ਨੇ ਆਪਣਾ ਨਾਮ ਬਦਲ ਕੇ ਪ੍ਰਭਜੋਤ ਕੌਰ (PRABHJOT KAUR) ਰੱਖ ਲਿਆ ਹੈ।
ਹਰਪ੍ਰੀਤ ਸਿੰਘ ਪੁੱਤਰ ਅਮਰੀਕ ਸਿੰਘ ਵਾਸੀ ਪਿੰਡ ਗੁਰੂਵਾਲੀ ਜ਼ਿਲ੍ਹਾ ਅੰਮ੍ਰਿਤਸਰ ਮੇਰੇ ਪਾਸਪੋਰਟ ਵਿੱਚ ਮੇਰਾ ਨਾਮ ਹਰਪ੍ਰੀਤ ਸਿੰਘ ਦਰਜ ਹੈ ਜੋ ਕਿ ਸਹੀ ਹੈ।
ਮੈਂ ਕਮਲਜੀਤ ਕੌਰ ਪਤਨੀ ਗੁਰਮੀਤ ਸਿੰਘ ਵਾਸੀ ਪਿੰਡ ਜੈਂਤੀਪੁਰ ਨੇ ਆਪਣਾ ਨਾਮ ਬਦਲ ਕੇ ਕਮਲਜੀਤ ਕੌਰ ਸੰਧੂ ਰੱਖ ਲਿਆ ਹੈ।
ਮੈਂ ਜਸਪ੍ਰੀਤ ਕੌਰ ਪੁੱਤਰੀ ਜਸਵੰਤ ਸਿੰਘ ਵਾਸੀ ਤਰਨ ਤਾਰਨ ਨੇ ਆਪਣਾ ਨਾਮ ਜਸਪ੍ਰੀਤ ਕੌਰ ਰੱਖ ਲਿਆ ਹੈ।
ਮੈਂ ਪਰਮਜੀਤ ਸਿੰਘ ਪੁੱਤਰ ਗੁਰਦੇਵ ਸਿੰਘ ਵਾਸੀ ਮਕਾਨ ਨੰ. 7, ਗਲੀ ਨੰ. 6 ਅੰਮ੍ਰਿਤਸਰ ਨੇ ਆਪਣਾ ਨਾਮ ਪਰਮਜੀਤ ਸਿੰਘ ਰੱਖ ਲਿਆ ਹੈ।
ਮੈਂ ਦਲਜੀਤ ਸਿੰਘ ਪੁੱਤਰ ਸਵਰਨ ਸਿੰਘ ਵਾਸੀ ਬਾਬਾ ਬਕਾਲਾ ਨੇ ਆਪਣਾ ਨਾਮ ਦਲਜੀਤ ਸਿੰਘ ਰੱਖ ਲਿਆ ਹੈ।
ਮੈਂ ਕਿਰਨਦੀਪ ਕੌਰ ਪਤਨੀ ਮਨਜੀਤ ਸਿੰਘ ਵਾਸੀ ਰਈਆ ਨੇ ਆਪਣਾ ਨਾਮ ਬਦਲ ਕੇ ਕਿਰਨਦੀਪ ਕੌਰ ਰੱਖ ਲਿਆ ਹੈ।
ਮੈਂ, Dhiraj Kumar ਪੁੱਤਰ ਸ਼੍ਰੀ ਸ਼ਾਮ ਲਾਲ ਵਾਸੀ ਮਕਾਨ ਨੰਬਰ 44 ਨੇ ਆਪਣਾ ਨਾਮ Dheeraj Kumar ਤੋਂ ਬਦਲ ਕੇ Dhiraj Kumar ਰੱਖ ਲਿਆ ਹੈ।
ਮੈਂ ਸੁਖਦੀਪ ਸਿੰਘ ਪੁੱਤਰ ਗੁਰਮੀਤ ਸਿੰਘ ਵਾਸੀ ਪਿੰਡ ਖਿਲਚੀਆਂ ਨੇ ਆਪਣਾ ਨਾਮ ਸੁਖਦੀਪ ਸਿੰਘ ਰੱਖ ਲਿਆ ਹੈ।
ਮੈਂ ਮੁਹੰਮਦ ਸੁਲੇਮਾਨ (Mohd. Suleman) ਪੁੱਤਰ ਮੁਹੰਮਦ ਸਦੀਕ ਵਾਸੀ ਮਲੇਰਕੋਟਲਾ ਨੇ ਆਪਣਾ ਨਾਮ ਬਦਲ ਕੇ Mohammad Suleman ਰੱਖ ਲਿਆ ਹੈ।
ਮੈਂ ਗੁਰਪ੍ਰੀਤ ਸਿੰਘ ਸਪੁੱਤਰ ਸ਼੍ਰੀ ਕੁਲਵੰਤ ਸਿੰਘ ਵਾਸੀ ਪਿੰਡ ਜੋਧਾਨਗਰੀ ਨੇ ਆਪਣਾ ਨਾਮ ਗੁਰਪ੍ਰੀਤ ਸਿੰਘ ਰੱਖ ਲਿਆ ਹੈ।
ਮੈਂ ਮਨਜੀਤ ਸਿੰਘ ਪੁੱਤਰ ਕਸ਼ਮੀਰ ਸਿੰਘ ਵਾਸੀ ਪਿੰਡ ਸੁਧਾਰ ਨੇ ਆਪਣਾ ਨਾਮ ਮਨਜੀਤ ਸਿੰਘ ਰੱਖ ਲਿਆ ਹੈ।
ਬੇਦਖਲੀ ਰੱਦ
ਮੈਂ ਬਲਵਿੰਦਰ ਸਿੰਘ ਪੁੱਤਰ ਮੱਘਰ ਸਿੰਘ ਵਾਸੀ ਪਿੰਡ ਨੂਰਪੁਰ ਜ਼ਿਲ੍ਹਾ ਅੰਮ੍ਰਿਤਸਰ ਨੇ ਆਪਣੇ ਲੜਕੇ ਨੂੰ ਜੋ ਬੇਦਖਲ ਕੀਤਾ ਸੀ ਉਸ ਬੇਦਖਲੀ ਨੂੰ ਰੱਦ ਕਰਦਾ ਹਾਂ।
ਮੈਂ ਹਰਭਜਨ ਸਿੰਘ ਪੁੱਤਰ ਮਹਿੰਦਰ ਸਿੰਘ ਵਾਸੀ ਮਕਾਨ ਨੰ. 3276 ਨੇ ਆਪਣੇ ਲੜਕੇ ਦੀ ਬੇਦਖਲੀ ਰੱਦ ਕਰ ਦਿੱਤੀ ਹੈ।
ਮੈਂ ਰਾਜਿੰਦਰ ਸਿੰਘ ਪੁੱਤਰ ਗੁਰਬਚਨ ਸਿੰਘ ਵਾਸੀ ਜੰਡਿਆਲਾ ਗੁਰੂ ਨੇ ਆਪਣੇ ਪੁੱਤਰ ਦੀ ਬੇਦਖਲੀ ਰੱਦ ਕਰ ਦਿੱਤੀ ਹੈ।
ਮੈਂ ਗੁਰਦੀਪ ਸਿੰਘ ਪੁੱਤਰ ਸਰਦੂਲ ਸਿੰਘ ਵਾਸੀ ਪਿੰਡ ਖਡੂਰ ਸਾਹਿਬ ਨੇ ਬੇਦਖਲੀ ਰੱਦ ਕਰ ਦਿੱਤੀ ਹੈ।
I, hitherto known as PINKY W/o SHUBHAM SINGH TOMER R/o HOUSE NO. 3276 LIG SECTOR-70, S.A.S. NAGAR (MOHALI), PUNJAB-160071, have changed my name and shall hereafter be known as PINKY TOMER.
I, hitherto known as PREM KUMAR S/o JEEVAN SHARMA R/o HNO.422, NEHRU COLONY, MAJITHA ROAD, DISTT AMRITSAR, PUNJAB, have changed my name and shall hereafter be known as PARAS.
I, HARJINDER KAUR W/o HEERA SINGH R/o VILLAGE DINEWAL PO KANG, DISTT TARN TARAN-143406, PUNJAB, have changed the name of my minor Son HARSIMRAN SINGH AGE 11 YEARS and he Shall hereafter be known as JAPJEET SINGH.
I, hitherto known as KAMNI W/o RAVINDER GILL R/o 9193, GALI NO 3, KHAI MOHALA, DISTT AMRITSAR-143001, PUNJAB, have changed my name and shall hereafter be known as CHANCHAL KUMARI.
I, hitherto known as SKUNTLA W/o JAGDISH R/o 13696, GALI NO 5, ISLAMABAD, NEAR KISHAN DEPOT, AMRITSAR, PUNJAB, have changed my name and shall hereafter be known as SHANKUNTLA.
I, hitherto known as PAYAL W/o VARINDER KUMAR R/o HOUSE NO. 58, GOKAL KA BAGH, 100 FEET ROAD, TEHSIL & DISTT AMRITSAR, PUNJAB, have changed my name and shall hereafter be known as MONIKA.
I hitherto known as SATISH CHAND S/o RAM SHAKAL TRIVEDI R/o H.NO. 22/110, ABADI INDIRA COLONY, TUNGPAI, DISTT AMRITSAR, PUNJAB, have changed my name and shall hereafter be known as SATISH CHANDRA TRIVEDI.
I, Biker Singh S/o Hazara Singh R/o VPO. Dhudianwal Near Tibba, Sultanpur Lodhi, Distt. Kapurthala, Punjab-144403 have changed my name/spelling from Biker Singh to Bikar Singh. All concerned please note.
I Charan Jit Singh Gumber S/O Avtar Singh R/O 358/20, St.DAD, Beant Nagar Moga Have Changed My Name To Charanjit Singh Gumber.
I Nanak Singh Insan S/O Gurdial Singh R/O Kotha Patti Mohabbat District Moga Have Changed My Name To Nanak Singh.
I Naresh Kumar Sacher S/O Murari Lal R/O H.No.1285 W.No.11 St.No.07 Jawahar Nagar Moga Have Changed My Name To Naresh Kumar.
I Inderjit Singh Purba S/O Jangir Singh R/O H.No.1169 W.No.6 Membran Wali Gali Joumian Chakkia Kotkapura Distt. Faridkot Punjab Have Changed My Name To Inderjit Singh.
ਬੇਦਖਲੀ ਨੋਟਿਸ
ਮੈਂ ਸੁਰਿੰਦਰ ਕੌਰ ਵਿਧਵਾ ਬਲਦੇਵ ਸਿੰਘ ਵਾਸੀ ਪਿੰਡ ਬੋਹੜੂ ਤਹਿਸੀਲ ਖਡੂਰ ਸਾਹਿਬ ਆਪਣੇ ਲੜਕੇ ਨੂੰ ਆਪਣੀ ਚੱਲ ਅਚੱਲ ਜਾਇਦਾਦ ਤੋਂ ਬੇਦਖਲ ਕਰਦੀ ਹਾਂ।
ਮੈਂ ਅਵਤਾਰ ਸਿੰਘ ਪੁੱਤਰ ਬਲਵੰਤ ਸਿੰਘ ਵਾਸੀ ਪਿੰਡ ਤਰਸਿੱਕਾ ਆਪਣੇ ਲੜਕੇ ਅਤੇ ਨੂੰਹ ਨੂੰ ਆਪਣੀ ਜਾਇਦਾਦ ਤੋਂ ਬੇਦਖਲ ਕਰਦਾ ਹਾਂ।
ਅਸੀਂ ਪਰਮਜੀਤ ਸਿੰਘ ਅਤੇ ਉਸਦੀ ਪਤਨੀ ਵਾਸੀ ਅਜਨਾਲਾ ਆਪਣੇ ਪੁੱਤਰ ਨੂੰ ਉਸਦੇ ਮਾੜੇ ਵਿਵਹਾਰ ਕਾਰਨ ਜਾਇਦਾਦ ਤੋਂ ਬੇਦਖਲ ਕਰਦੇ ਹਾਂ।
ਮੈਂ ਦਲਬੀਰ ਸਿੰਘ ਪੁੱਤਰ ਕਸ਼ਮੀਰ ਸਿੰਘ ਵਾਸੀ ਪਿੰਡ ਰਮਦਾਸ ਆਪਣੇ ਲੜਕੇ ਨੂੰ ਆਪਣੀ ਜਾਇਦਾਦ ਤੋਂ ਬੇਦਖਲ ਕਰਦਾ ਹਾਂ।
ਮੈਂ ਪਲਵਿੰਦਰ ਕੌਰ ਪਤਨੀ ਸਵਰਗੀ ਜਗੀਰ ਸਿੰਘ ਵਾਸੀ ਮਜੀਠਾ ਆਪਣੇ ਪੁੱਤਰ ਨੂੰ ਬੇਦਖਲ ਕਰਦੀ ਹਾਂ।
ਮੈਂ ਕੁਲਦੀਪ ਸਿੰਘ ਪੁੱਤਰ ਹਰਬੰਸ ਸਿੰਘ ਵਾਸੀ ਪਿੰਡ ਚੱਬਾ ਆਪਣੇ ਲੜਕੇ ਨੂੰ ਜਾਇਦਾਦ ਤੋਂ ਬੇਦਖਲ ਕਰਦਾ ਹਾਂ।
ਮੈਂ ਗੁਰਨਾਮ ਸਿੰਘ ਪੁੱਤਰ ਦਲੀਪ ਸਿੰਘ ਵਾਸੀ ਵੇਰਕਾ ਆਪਣੇ ਪੁੱਤਰ ਅਤੇ ਨੂੰਹ ਨੂੰ ਬੇਦਖਲ ਕਰਦਾ ਹਾਂ।
ਮੈਂ ਸੁਖਵਿੰਦਰ ਕੌਰ ਪਤਨੀ ਜਸਵੰਤ ਸਿੰਘ ਵਾਸੀ ਤਰਨ ਤਾਰਨ ਆਪਣੇ ਲੜਕੇ ਨੂੰ ਬੇਦਖਲ ਕਰਦੀ ਹਾਂ।
ਆਮ ਸੂਚਨਾ
ਮੇਰਾ ਹਰਜਿੰਦਰ ਸਿੰਘ ਪੁੱਤਰ ਬਲਬੀਰ ਸਿੰਘ ਵਾਸੀ ਵੇਰਕਾ ਦਾ ਆਧਾਰ ਕਾਰਡ ਅਤੇ ਜ਼ਰੂਰੀ ਦਸਤਾਵੇਜ਼ ਗੁੰਮ ਹੋ ਗਏ ਹਨ। ਜਿਸ ਨੂੰ ਵੀ ਮਿਲਣ ਸੂਚਿਤ ਕਰਨ।
ਪਬਲਿਕ ਨੋਟਿਸ
ਬਾ-ਅਦਾਲਤ ਸ੍ਰੀ ਗੁਰਪ੍ਰੀਤ ਸਿੰਘ ਸਹਾਇਕ ਕੁਲੈਕਟਰ ਦਰਜਾ ਪਹਿਲਾ-ਕਮ-ਤਹਿਸੀਲਦਾਰ ਸ੍ਰੀ ਮੁਕਤਸਰ ਸਾਹਿਬ
ਕੇਸ ਨੰਬਰ 57-ਮੀ	ਮਿਤੀ :09-09-2025
ਜਸਕਰਨਜੀਤ ਸਿੰਘ ਪੁੱਤਰ ਹਰਜਿੰਦਰ ਸਿੰਘ ਵਾਸੀ ਪਿੰਡ ਵੱਲੋਂ ਜ਼ਮੀਨ ਦੀ ਨਿਸ਼ਾਨਦੇਹੀ ਸਬੰਧੀ ਦਰਖਾਸਤ ਪ੍ਰਾਪਤ ਹੋਈ ਹੈ। ਖਸਰਾ ਨੰਬਰ 243/7, 222/1, 22/2/3-18 ਆਦਿ ਦੇ ਹਿੱਸੇਦਾਰਾਂ ਨੂੰ ਸੂਚਿਤ ਕੀਤਾ ਜਾਂਦਾ ਹੈ ਕਿ ਉਹ ਮਿਤੀ 23-09-2025 ਨੂੰ ਅਦਾਲਤ ਵਿੱਚ ਹਾਜ਼ਰ ਹੋਣ।
ਨੰਬਰ 47 /ਰੀਡਰ	ਮਿਤੀ :09-09-2025
ਸਹਾਇਕ ਕੁਲੈਕਟਰ ਦਰਜਾ ਪਹਿਲਾ, ਸ੍ਰੀ ਮੁਕਤਸਰ ਸਾਹਿਬ
ਜਨਤਕ ਨੋਟਿਸ
ਇਸ ਜਨਤਕ ਸੂਚਨਾ ਰਾਹੀਂ ਸਮੂਹ ਜਨਤਾ ਨੂੰ ਸੂਚਿਤ ਕੀਤਾ ਜਾਂਦਾ ਹੈ ਕਿ ਮੇਰੇ ਮੁਵੱਕਲ ਦੀ ਜ਼ਮੀਨ ਸਬੰਧੀ ਦਸਤਾਵੇਜ਼ 16-09-2024 ਨੂੰ ਗੁੰਮ ਹੋ ਗਏ ਹਨ। ਇਸ ਸਬੰਧੀ ਪੁਲਿਸ ਵਿਖੇ ਰਿਪੋਰਟ ਦਰਜ ਕਰਵਾਈ ਗਈ ਹੈ। ਜੇਕਰ ਕਿਸੇ ਵਿਅਕਤੀ ਨੂੰ ਇਹ ਦਸਤਾਵੇਜ਼ ਮਿਲਣ ਤਾਂ ਹੇਠ ਲਿਖੇ ਪਤੇ ਤੇ ਸੰਪਰਕ ਕਰੇ। DDR No. 623605/2025 ਮਿਤੀ 9-9-25
ਮੁਕੇਸ਼ ਮਿੱਤਲ, ਐਡਵੋਕੇਟ, ਜ਼ਿਲ੍ਹਾ ਕਚਹਿਰੀ, ਫਿਰੋਜ਼ਪੁਰ। 9815312776
C K	C K
